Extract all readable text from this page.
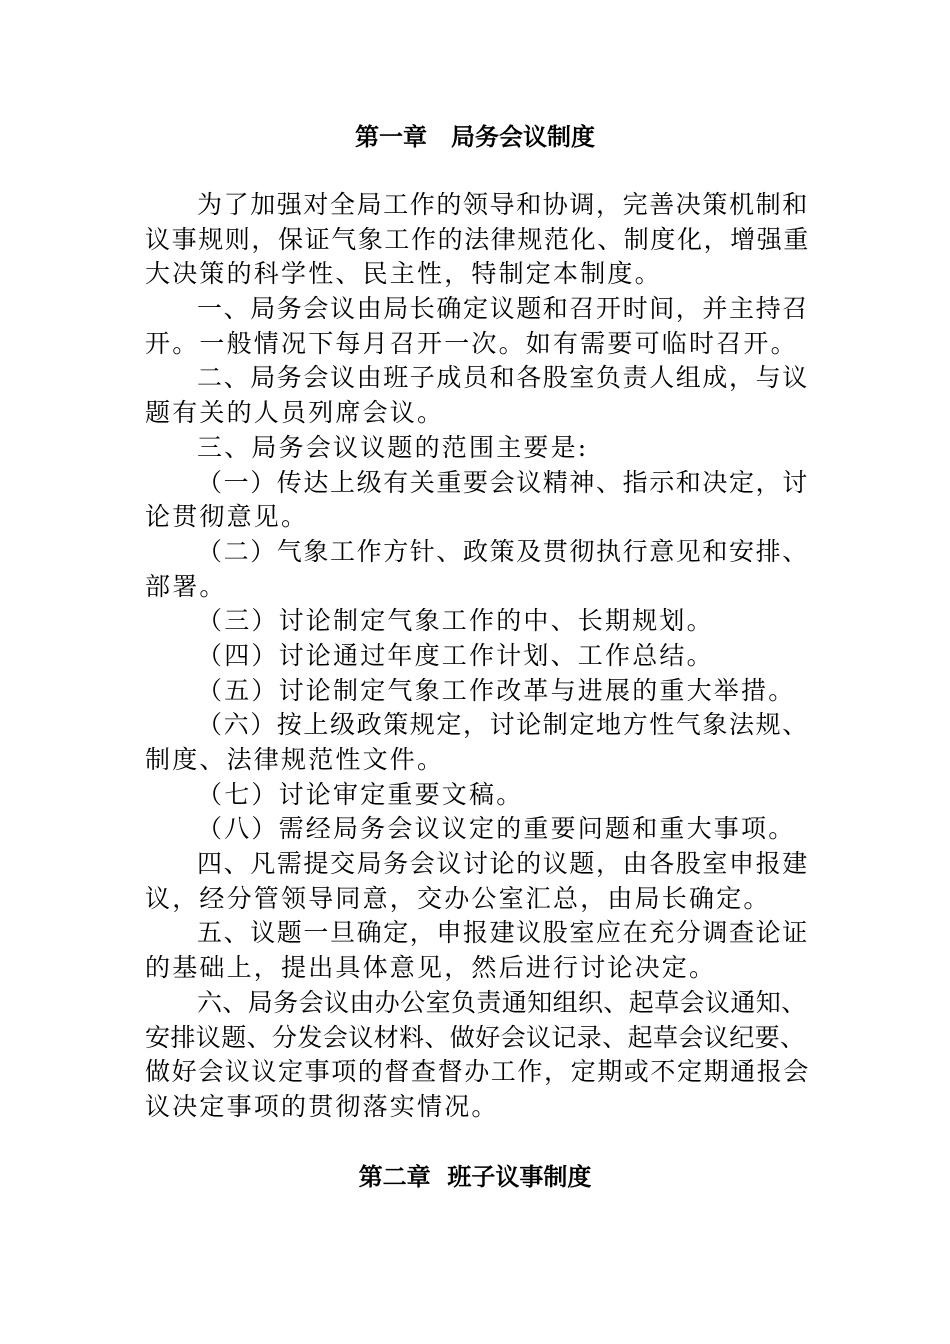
第一章　局务会议制度
为了加强对全局工作的领导和协调，完善决策机制和
议事规则，保证气象工作的法律规范化、制度化，增强重
大决策的科学性、民主性，特制定本制度。
一、局务会议由局长确定议题和召开时间，并主持召
开。一般情况下每月召开一次。如有需要可临时召开。
二、局务会议由班子成员和各股室负责人组成，与议
题有关的人员列席会议。
三、局务会议议题的范围主要是:
（一）传达上级有关重要会议精神、指示和决定，讨
论贯彻意见。
（二）气象工作方针、政策及贯彻执行意见和安排、
部署。
（三）讨论制定气象工作的中、长期规划。
（四）讨论通过年度工作计划、工作总结。
（五）讨论制定气象工作改革与进展的重大举措。
（六）按上级政策规定，讨论制定地方性气象法规、
制度、法律规范性文件。
（七）讨论审定重要文稿。
（八）需经局务会议议定的重要问题和重大事项。
四、凡需提交局务会议讨论的议题，由各股室申报建
议，经分管领导同意，交办公室汇总，由局长确定。
五、议题一旦确定，申报建议股室应在充分调查论证
的基础上，提出具体意见，然后进行讨论决定。
六、局务会议由办公室负责通知组织、起草会议通知、
安排议题、分发会议材料、做好会议记录、起草会议纪要、
做好会议议定事项的督查督办工作，定期或不定期通报会
议决定事项的贯彻落实情况。
第二章  班子议事制度
